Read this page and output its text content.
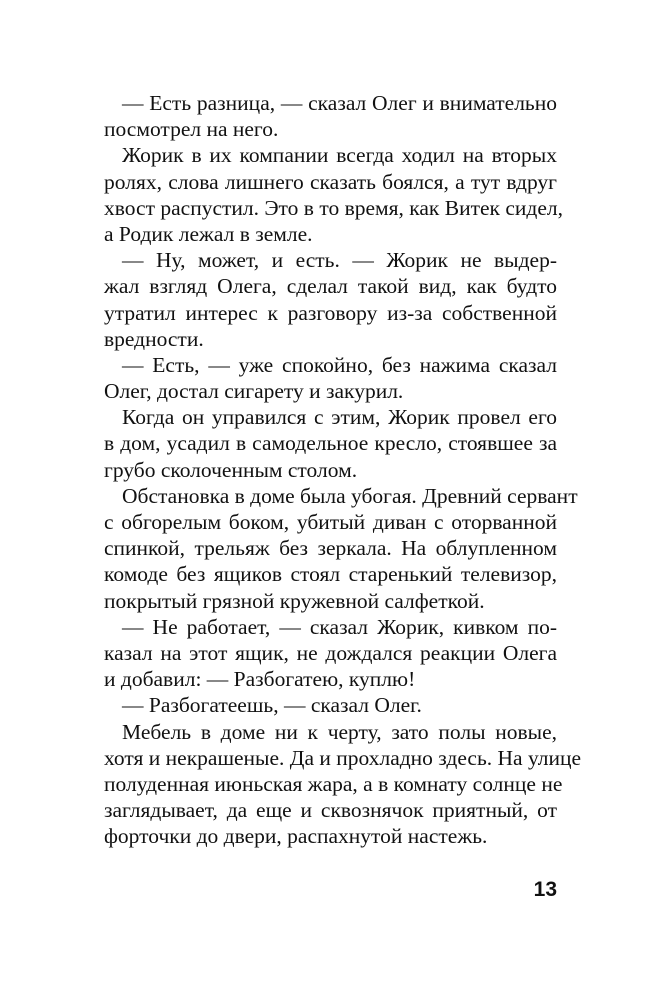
— Есть разница, — сказал Олег и внимательно
посмотрел на него.
Жорик в их компании всегда ходил на вторых
ролях, слова лишнего сказать боялся, а тут вдруг
хвост распустил. Это в то время, как Витек сидел,
а Родик лежал в земле.
— Ну, может, и есть. — Жорик не выдер-
жал взгляд Олега, сделал такой вид, как будто
утратил интерес к разговору из-за собственной
вредности.
— Есть, — уже спокойно, без нажима сказал
Олег, достал сигарету и закурил.
Когда он управился с этим, Жорик провел его
в дом, усадил в самодельное кресло, стоявшее за
грубо сколоченным столом.
Обстановка в доме была убогая. Древний сервант
с обгорелым боком, убитый диван с оторванной
спинкой, трельяж без зеркала. На облупленном
комоде без ящиков стоял старенький телевизор,
покрытый грязной кружевной салфеткой.
— Не работает, — сказал Жорик, кивком по-
казал на этот ящик, не дождался реакции Олега
и добавил: — Разбогатею, куплю!
— Разбогатеешь, — сказал Олег.
Мебель в доме ни к черту, зато полы новые,
хотя и некрашеные. Да и прохладно здесь. На улице
полуденная июньская жара, а в комнату солнце не
заглядывает, да еще и сквознячок приятный, от
форточки до двери, распахнутой настежь.
13
